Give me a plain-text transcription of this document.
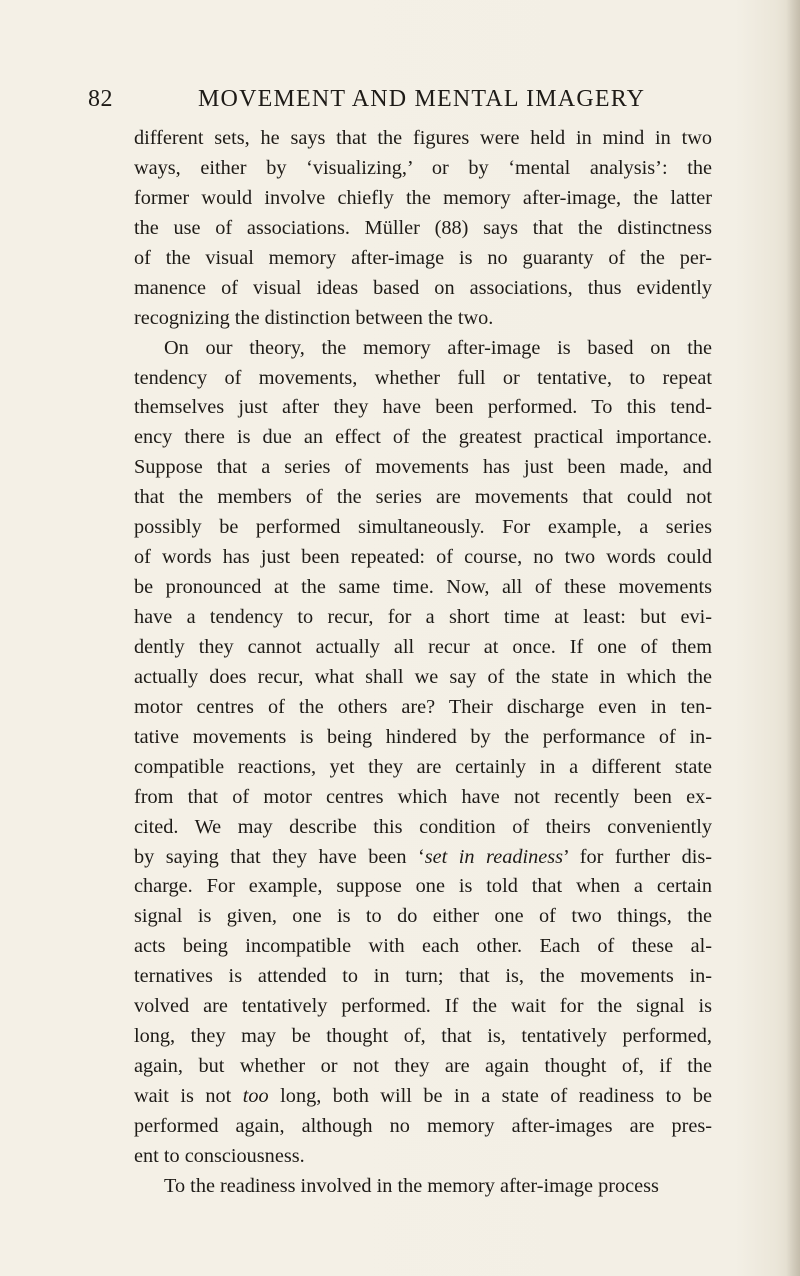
82	MOVEMENT AND MENTAL IMAGERY
different sets, he says that the figures were held in mind in two
ways, either by ‘visualizing,’ or by ‘mental analysis’: the
former would involve chiefly the memory after-image, the latter
the use of associations. Müller (88) says that the distinctness
of the visual memory after-image is no guaranty of the per-
manence of visual ideas based on associations, thus evidently
recognizing the distinction between the two.
On our theory, the memory after-image is based on the
tendency of movements, whether full or tentative, to repeat
themselves just after they have been performed. To this tend-
ency there is due an effect of the greatest practical importance.
Suppose that a series of movements has just been made, and
that the members of the series are movements that could not
possibly be performed simultaneously. For example, a series
of words has just been repeated: of course, no two words could
be pronounced at the same time. Now, all of these movements
have a tendency to recur, for a short time at least: but evi-
dently they cannot actually all recur at once. If one of them
actually does recur, what shall we say of the state in which the
motor centres of the others are? Their discharge even in ten-
tative movements is being hindered by the performance of in-
compatible reactions, yet they are certainly in a different state
from that of motor centres which have not recently been ex-
cited. We may describe this condition of theirs conveniently
by saying that they have been ‘set in readiness’ for further dis-
charge. For example, suppose one is told that when a certain
signal is given, one is to do either one of two things, the
acts being incompatible with each other. Each of these al-
ternatives is attended to in turn; that is, the movements in-
volved are tentatively performed. If the wait for the signal is
long, they may be thought of, that is, tentatively performed,
again, but whether or not they are again thought of, if the
wait is not too long, both will be in a state of readiness to be
performed again, although no memory after-images are pres-
ent to consciousness.
To the readiness involved in the memory after-image process
